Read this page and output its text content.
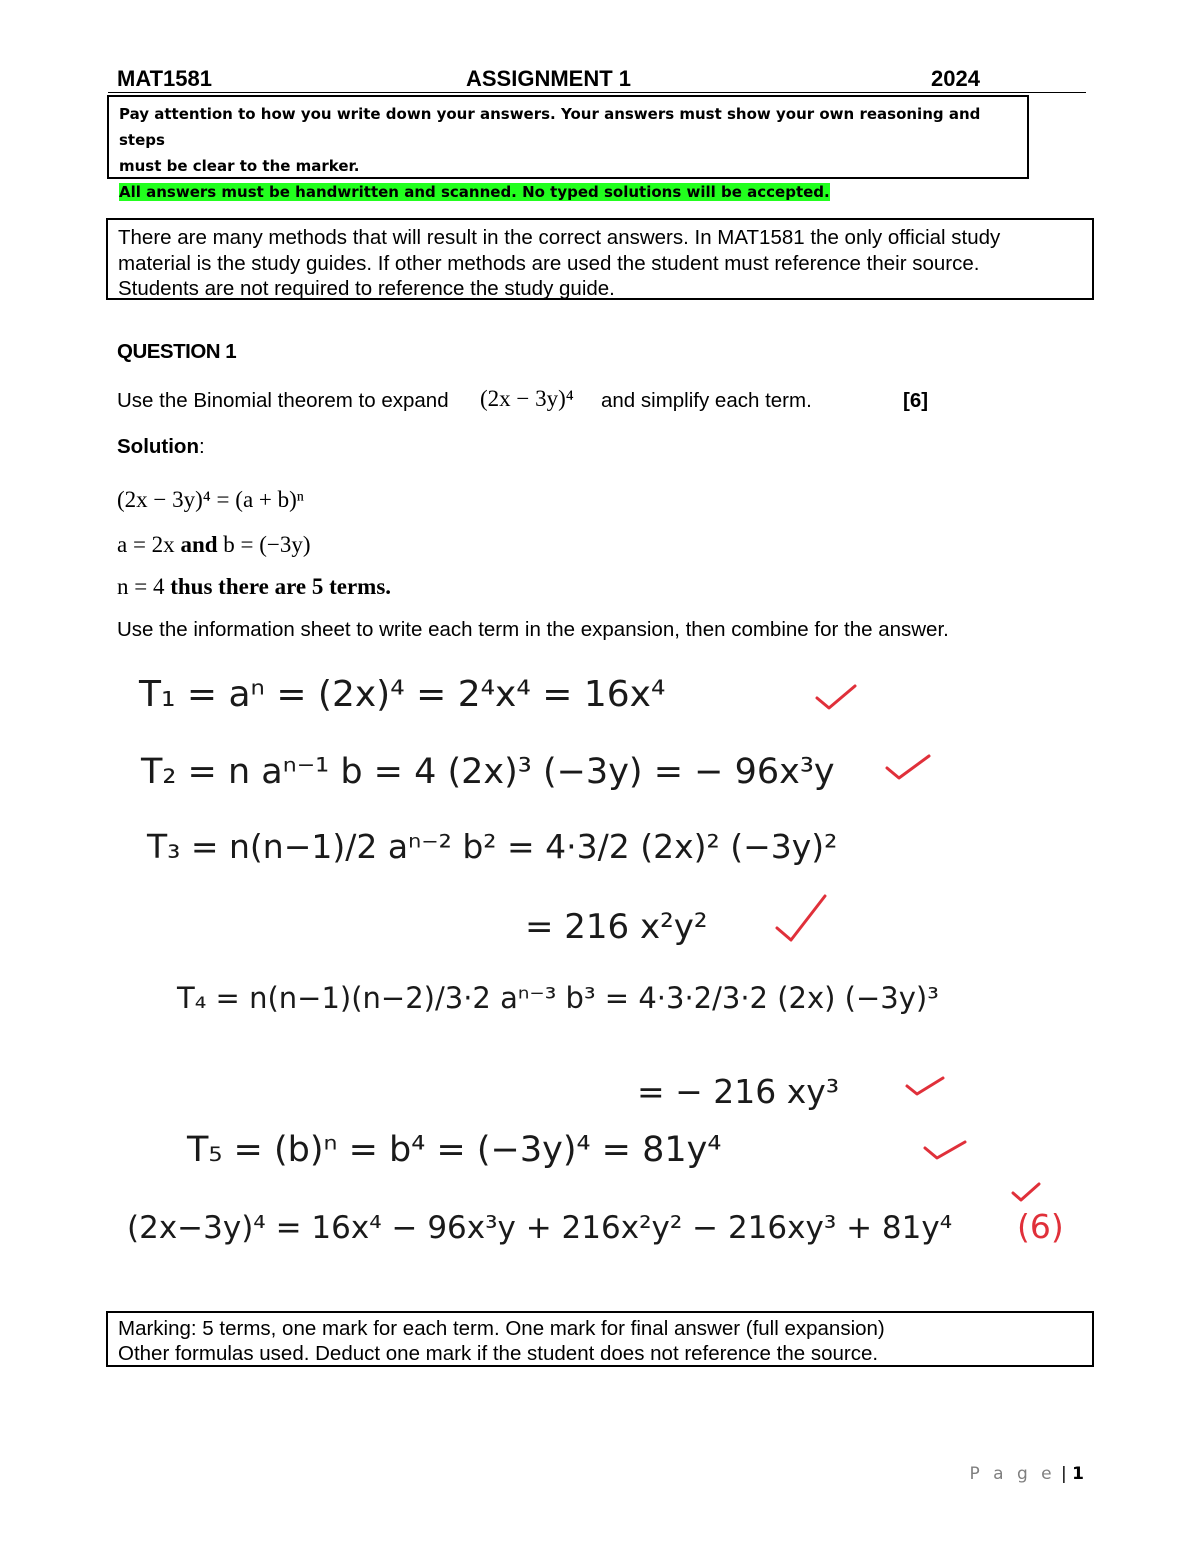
MAT1581	ASSIGNMENT 1	2024
Pay attention to how you write down your answers. Your answers must show your own reasoning and steps
must be clear to the marker.
All answers must be handwritten and scanned. No typed solutions will be accepted.
There are many methods that will result in the correct answers. In MAT1581 the only official study
material is the study guides. If other methods are used the student must reference their source.
Students are not required to reference the study guide.
QUESTION 1
Use the Binomial theorem to expand (2x − 3y)⁴ and simplify each term.	[6]
Solution:
(2x − 3y)⁴ = (a + b)ⁿ
a = 2x and b = (−3y)
n = 4 thus there are 5 terms.
Use the information sheet to write each term in the expansion, then combine for the answer.
T₁ = aⁿ = (2x)⁴ = 2⁴x⁴ = 16x⁴
T₂ = n aⁿ⁻¹ b = 4 (2x)³ (−3y) = − 96x³y
T₃ = n(n−1)/2 aⁿ⁻² b² = 4·3/2 (2x)² (−3y)²
= 216 x²y²
T₄ = n(n−1)(n−2)/3·2 aⁿ⁻³ b³ = 4·3·2/3·2 (2x) (−3y)³
= − 216 xy³
T₅ = (b)ⁿ = b⁴ = (−3y)⁴ = 81y⁴
(2x−3y)⁴ = 16x⁴ − 96x³y + 216x²y² − 216xy³ + 81y⁴ (6)
Marking: 5 terms, one mark for each term. One mark for final answer (full expansion)
Other formulas used. Deduct one mark if the student does not reference the source.
P a g e | 1
